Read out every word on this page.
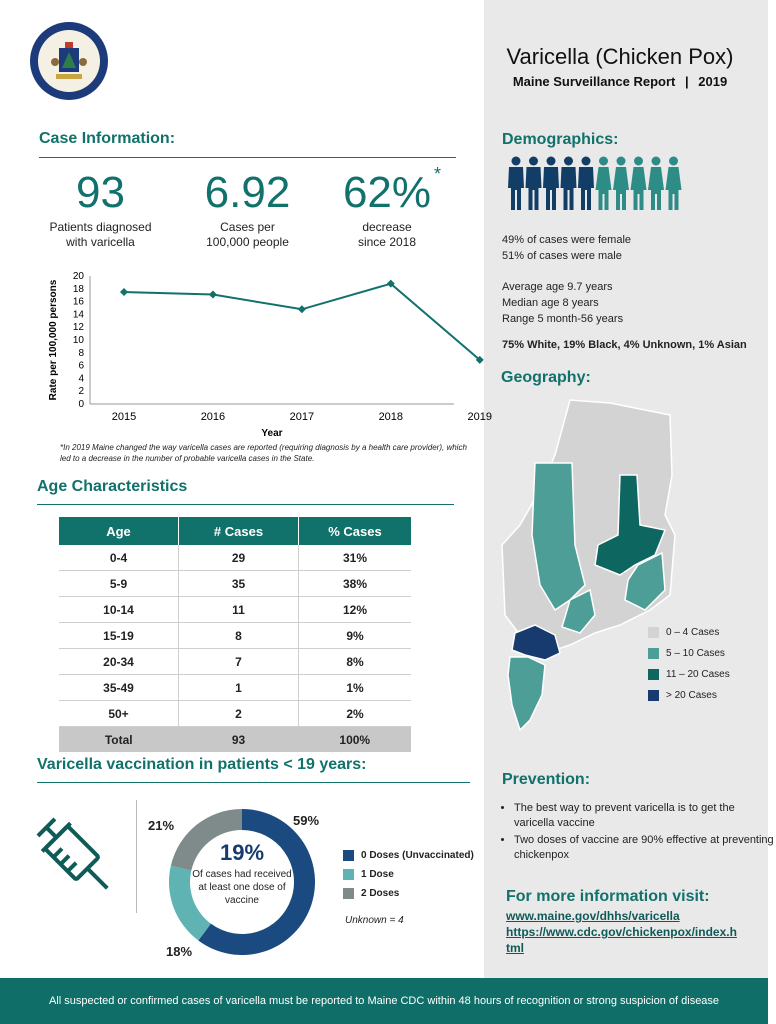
Varicella (Chicken Pox)
Maine Surveillance Report | 2019
Case Information:
93
Patients diagnosed
with varicella
6.92
Cases per
100,000 people
62%
decrease
since 2018
*
0
2
4
6
8
10
12
14
16
18
20
2015	2016	2017	2018	2019
Rate per 100,000 persons
Year
*In 2019 Maine changed the way varicella cases are reported (requiring diagnosis by a health care provider), which led to a decrease in the number of probable varicella cases in the State.
Age Characteristics
Age	# Cases	% Cases
0-4	29	31%
5-9	35	38%
10-14	11	12%
15-19	8	9%
20-34	7	8%
35-49	1	1%
50+	2	2%
Total	93	100%
Varicella vaccination in patients < 19 years:
19%
Of cases had received at least one dose of vaccine
59%
18%
21%
0 Doses (Unvaccinated)
1 Dose
2 Doses
Unknown = 4
Demographics:
49% of cases were female
51% of cases were male
Average age 9.7 years
Median age 8 years
Range 5 month-56 years
75% White, 19% Black, 4% Unknown, 1% Asian
Geography:
0 – 4 Cases
5 – 10 Cases
11 – 20 Cases
> 20 Cases
Prevention:
• The best way to prevent varicella is to get the varicella vaccine
• Two doses of vaccine are 90% effective at preventing chickenpox
For more information visit:
www.maine.gov/dhhs/varicella
https://www.cdc.gov/chickenpox/index.h
tml
All suspected or confirmed cases of varicella must be reported to Maine CDC within 48 hours of recognition or strong suspicion of disease
